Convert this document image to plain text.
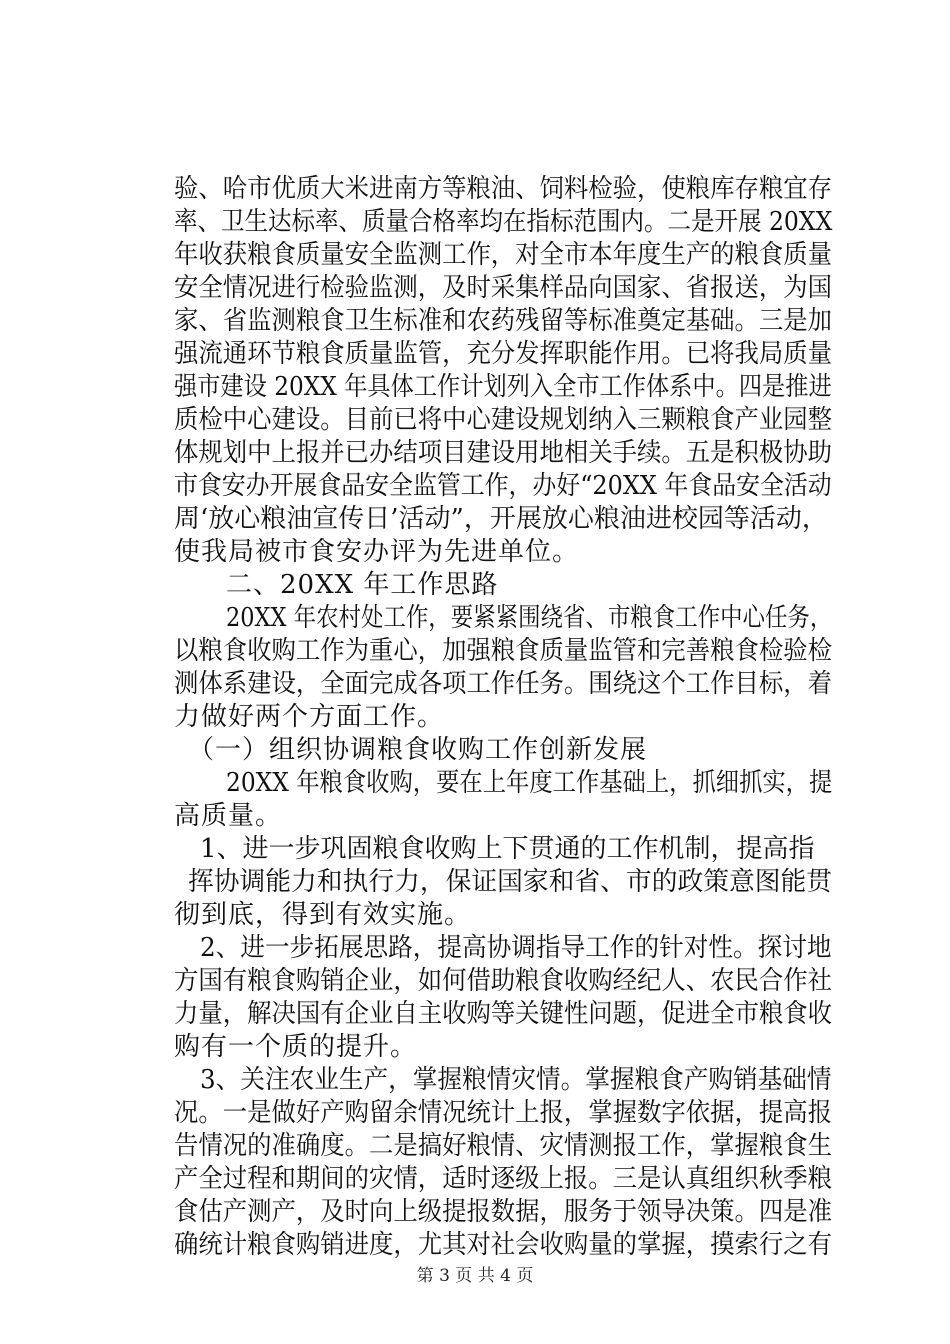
验、哈市优质大米进南方等粮油、饲料检验，使粮库存粮宜存
率、卫生达标率、质量合格率均在指标范围内。二是开展 20XX
年收获粮食质量安全监测工作，对全市本年度生产的粮食质量
安全情况进行检验监测，及时采集样品向国家、省报送，为国
家、省监测粮食卫生标准和农药残留等标准奠定基础。三是加
强流通环节粮食质量监管，充分发挥职能作用。已将我局质量
强市建设 20XX 年具体工作计划列入全市工作体系中。四是推进
质检中心建设。目前已将中心建设规划纳入三颗粮食产业园整
体规划中上报并已办结项目建设用地相关手续。五是积极协助
市食安办开展食品安全监管工作，办好“20XX 年食品安全活动
周‘放心粮油宣传日’活动”，开展放心粮油进校园等活动，
使我局被市食安办评为先进单位。
二、20XX 年工作思路
20XX 年农村处工作，要紧紧围绕省、市粮食工作中心任务，
以粮食收购工作为重心，加强粮食质量监管和完善粮食检验检
测体系建设，全面完成各项工作任务。围绕这个工作目标，着
力做好两个方面工作。
（一）组织协调粮食收购工作创新发展
20XX 年粮食收购，要在上年度工作基础上，抓细抓实，提
高质量。
1、进一步巩固粮食收购上下贯通的工作机制，提高指
挥协调能力和执行力，保证国家和省、市的政策意图能贯
彻到底，得到有效实施。
2、进一步拓展思路，提高协调指导工作的针对性。探讨地
方国有粮食购销企业，如何借助粮食收购经纪人、农民合作社
力量，解决国有企业自主收购等关键性问题，促进全市粮食收
购有一个质的提升。
3、关注农业生产，掌握粮情灾情。掌握粮食产购销基础情
况。一是做好产购留余情况统计上报，掌握数字依据，提高报
告情况的准确度。二是搞好粮情、灾情测报工作，掌握粮食生
产全过程和期间的灾情，适时逐级上报。三是认真组织秋季粮
食估产测产，及时向上级提报数据，服务于领导决策。四是准
确统计粮食购销进度，尤其对社会收购量的掌握，摸索行之有
第 3 页 共 4 页
